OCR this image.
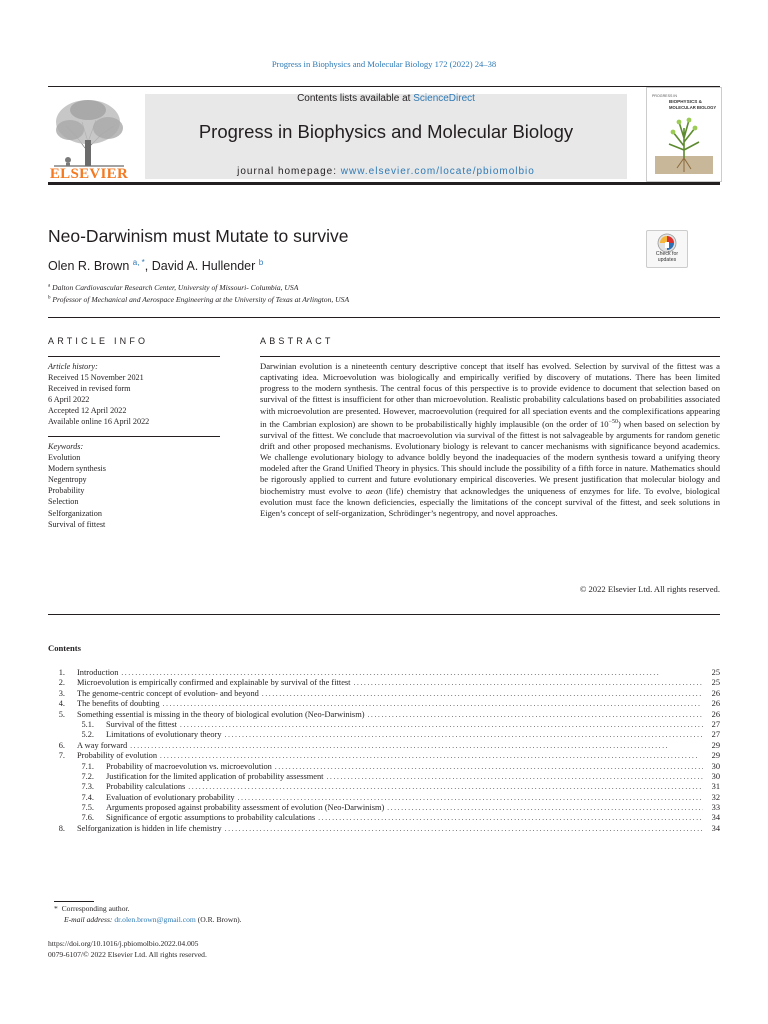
Progress in Biophysics and Molecular Biology 172 (2022) 24–38
ELSEVIER
Contents lists available at ScienceDirect
Progress in Biophysics and Molecular Biology
journal homepage: www.elsevier.com/locate/pbiomolbio
PROGRESS IN
BIOPHYSICS &
MOLECULAR BIOLOGY
Neo-Darwinism must Mutate to survive
Olen R. Brown $^{a, *}$, David A. Hullender $^b$
Check for
updates
$^a$ Dalton Cardiovascular Research Center, University of Missouri- Columbia, USA
$^b$ Professor of Mechanical and Aerospace Engineering at the University of Texas at Arlington, USA
ARTICLE INFO
Article history:
Received 15 November 2021
Received in revised form
6 April 2022
Accepted 12 April 2022
Available online 16 April 2022
Keywords:
Evolution
Modern synthesis
Negentropy
Probability
Selection
Selforganization
Survival of fittest
ABSTRACT
Darwinian evolution is a nineteenth century descriptive concept that itself has evolved. Selection by survival of the fittest was a captivating idea. Microevolution was biologically and empirically verified by discovery of mutations. There has been limited progress to the modern synthesis. The central focus of this perspective is to provide evidence to document that selection based on survival of the fittest is insufficient for other than microevolution. Realistic probability calculations based on probabilities associated with microevolution are presented. However, macroevolution (required for all speciation events and the complexifications appearing in the Cambrian explosion) are shown to be probabilistically highly implausible (on the order of $10^{-50}$) when based on selection by survival of the fittest. We conclude that macroevolution via survival of the fittest is not salvageable by arguments for random genetic drift and other proposed mechanisms. Evolutionary biology is relevant to cancer mechanisms with significance beyond academics. We challenge evolutionary biology to advance boldly beyond the inadequacies of the modern synthesis toward a unifying theory modeled after the Grand Unified Theory in physics. This should include the possibility of a fifth force in nature. Mathematics should be rigorously applied to current and future evolutionary empirical discoveries. We present justification that molecular biology and biochemistry must evolve to aeon (life) chemistry that acknowledges the uniqueness of enzymes for life. To evolve, biological evolution must face the known deficiencies, especially the limitations of the concept survival of the fittest, and seek solutions in Eigen’s concept of self-organization, Schrödinger’s negentropy, and novel approaches.
© 2022 Elsevier Ltd. All rights reserved.
Contents
1. Introduction . . .	25
2. Microevolution is empirically confirmed and explainable by survival of the fittest . . .	25
3. The genome-centric concept of evolution- and beyond . . .	26
4. The benefits of doubting . . .	26
5. Something essential is missing in the theory of biological evolution (Neo-Darwinism) . . .	26
5.1. Survival of the fittest . . .	27
5.2. Limitations of evolutionary theory . . .	27
6. A way forward . . .	29
7. Probability of evolution . . .	29
7.1. Probability of macroevolution vs. microevolution . . .	30
7.2. Justification for the limited application of probability assessment . . .	30
7.3. Probability calculations . . .	31
7.4. Evaluation of evolutionary probability . . .	32
7.5. Arguments proposed against probability assessment of evolution (Neo-Darwinism) . . .	33
7.6. Significance of ergotic assumptions to probability calculations . . .	34
8. Selforganization is hidden in life chemistry . . .	34
* Corresponding author.
E-mail address: dr.olen.brown@gmail.com (O.R. Brown).
https://doi.org/10.1016/j.pbiomolbio.2022.04.005
0079-6107/© 2022 Elsevier Ltd. All rights reserved.
